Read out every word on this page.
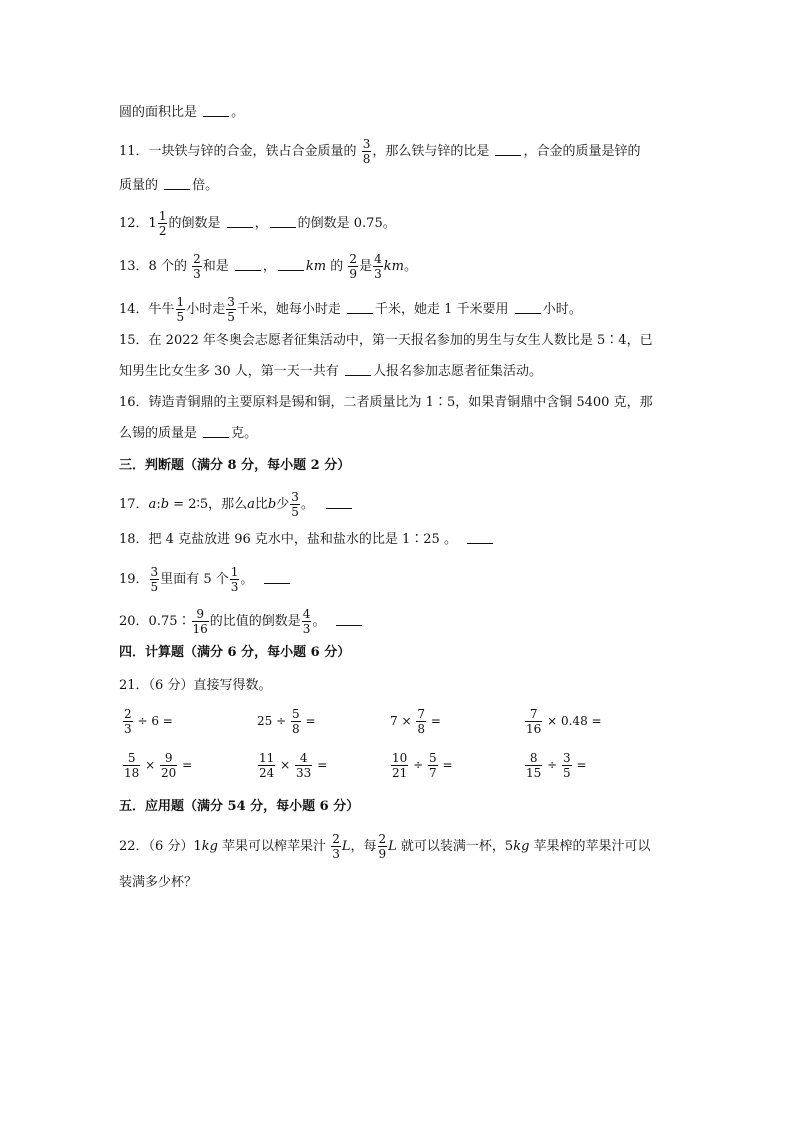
圆的面积比是	。
11．一块铁与锌的合金，铁占合金质量的 $\frac{3}{8}$ ，那么铁与锌的比是	，合金的质量是锌的
质量的	倍。
12．$1 \frac{1}{2}$ 的倒数是	， 的倒数是 0.75。
13．8 个的 $\frac{2}{3}$ 和是	， km 的 $\frac{2}{9}$ 是 $\frac{4}{3}$ km。
14．牛牛 $\frac{1}{5}$ 小时走 $\frac{3}{5}$ 千米，她每小时走	千米，她走 1 千米要用	小时。
15．在 2022 年冬奥会志愿者征集活动中，第一天报名参加的男生与女生人数比是 5∶4，已
知男生比女生多 30 人，第一天一共有	人报名参加志愿者征集活动。
16．铸造青铜鼎的主要原料是锡和铜，二者质量比为 1∶5，如果青铜鼎中含铜 5400 克，那
么锡的质量是	克。
三．判断题（满分 8 分，每小题 2 分）
17．a:b = 2∶5，那么a比b少 $\frac{3}{5}$ 。
18．把 4 克盐放进 96 克水中，盐和盐水的比是 1∶25 。
19． $\frac{3}{5}$ 里面有 5 个 $\frac{1}{3}$ 。
20．0.75∶ $\frac{9}{16}$ 的比值的倒数是 $\frac{4}{3}$ 。
四．计算题（满分 6 分，每小题 6 分）
21．（6 分）直接写得数。
$\frac{2}{3} \div 6$ =	$25 \div \frac{5}{8}$ =	$7 \times \frac{7}{8}$ =	$\frac{7}{16} \times 0.48$ =
$\frac{5}{18} \times \frac{9}{20}$ =	$\frac{11}{24} \times \frac{4}{33}$ =	$\frac{10}{21} \div \frac{5}{7}$ =	$\frac{8}{15} \div \frac{3}{5}$ =
五．应用题（满分 54 分，每小题 6 分）
22．（6 分）1kg 苹果可以榨苹果汁 $\frac{2}{3}$ L，每 $\frac{2}{9}$ L 就可以装满一杯，5kg 苹果榨的苹果汁可以
装满多少杯？
